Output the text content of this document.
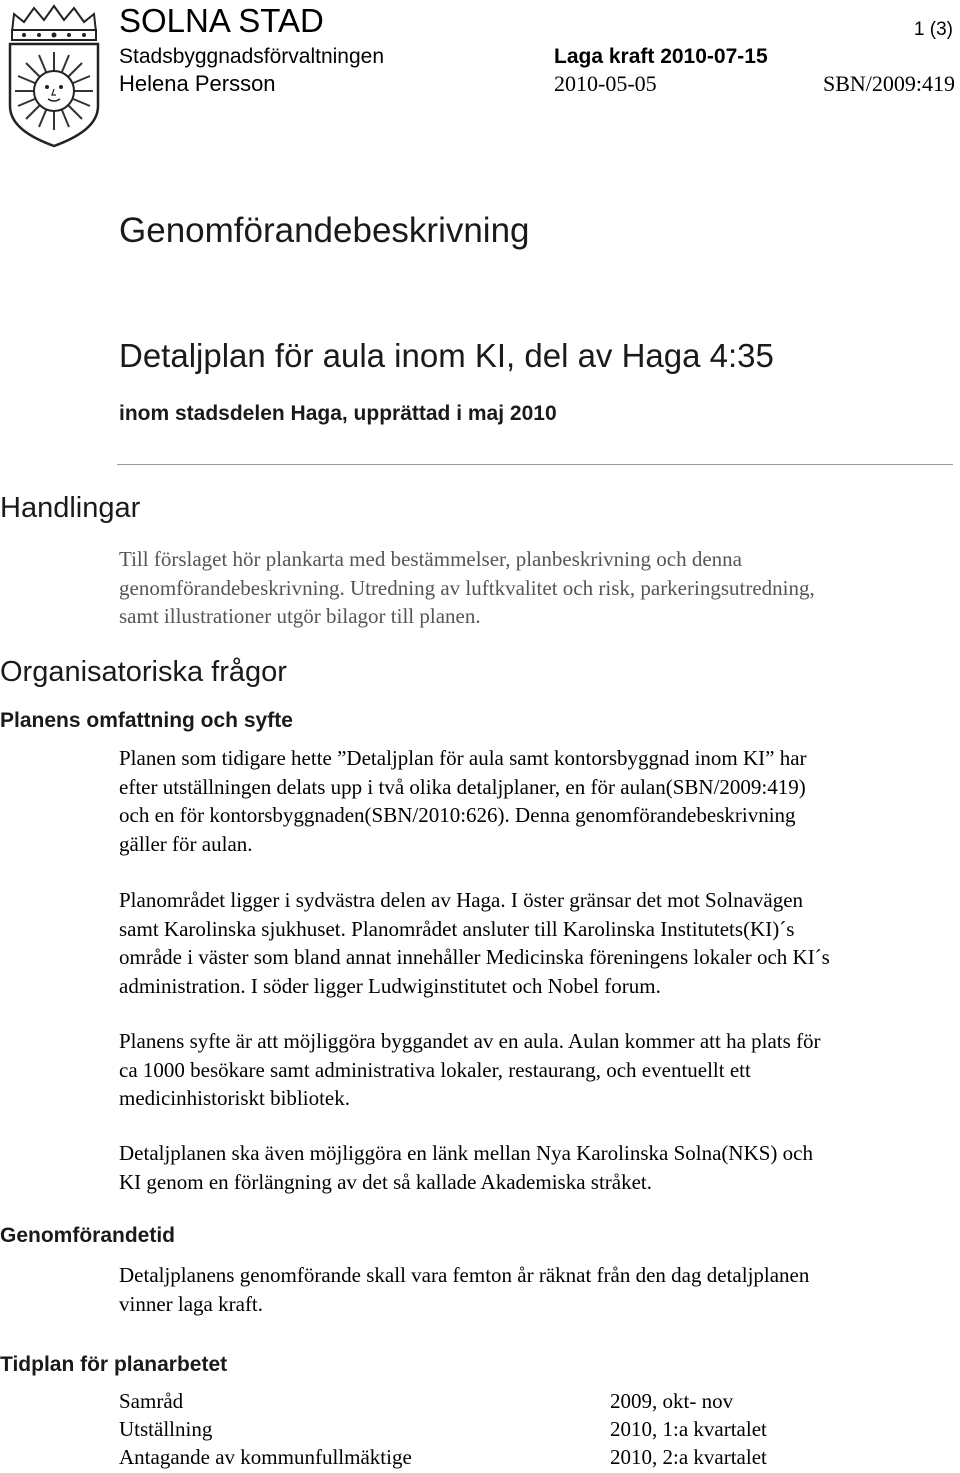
SOLNA STAD
Stadsbyggnadsförvaltningen
Helena Persson
1 (3)
Laga kraft 2010-07-15
2010-05-05	SBN/2009:419
Genomförandebeskrivning
Detaljplan för aula inom KI, del av Haga 4:35
inom stadsdelen Haga, upprättad i maj 2010
Handlingar

Till förslaget hör plankarta med bestämmelser, planbeskrivning och denna

genomförandebeskrivning. Utredning av luftkvalitet och risk, parkeringsutredning,

samt illustrationer utgör bilagor till planen.

Organisatoriska frågor
Planens omfattning och syfte

Planen som tidigare hette ”Detaljplan för aula samt kontorsbyggnad inom KI” har

efter utställningen delats upp i två olika detaljplaner, en för aulan(SBN/2009:419)

och en för kontorsbyggnaden(SBN/2010:626). Denna genomförandebeskrivning

gäller för aulan.

Planområdet ligger i sydvästra delen av Haga. I öster gränsar det mot Solnavägen

samt Karolinska sjukhuset. Planområdet ansluter till Karolinska Institutets(KI)´s

område i väster som bland annat innehåller Medicinska föreningens lokaler och KI´s

administration. I söder ligger Ludwiginstitutet och Nobel forum.

Planens syfte är att möjliggöra byggandet av en aula. Aulan kommer att ha plats för

ca 1000 besökare samt administrativa lokaler, restaurang, och eventuellt ett

medicinhistoriskt bibliotek.

Detaljplanen ska även möjliggöra en länk mellan Nya Karolinska Solna(NKS) och

KI genom en förlängning av det så kallade Akademiska stråket.

Genomförandetid

Detaljplanens genomförande skall vara femton år räknat från den dag detaljplanen

vinner laga kraft.

Tidplan för planarbetet
Samråd	2009, okt- nov
Utställning	2010, 1:a kvartalet
Antagande av kommunfullmäktige	2010, 2:a kvartalet
